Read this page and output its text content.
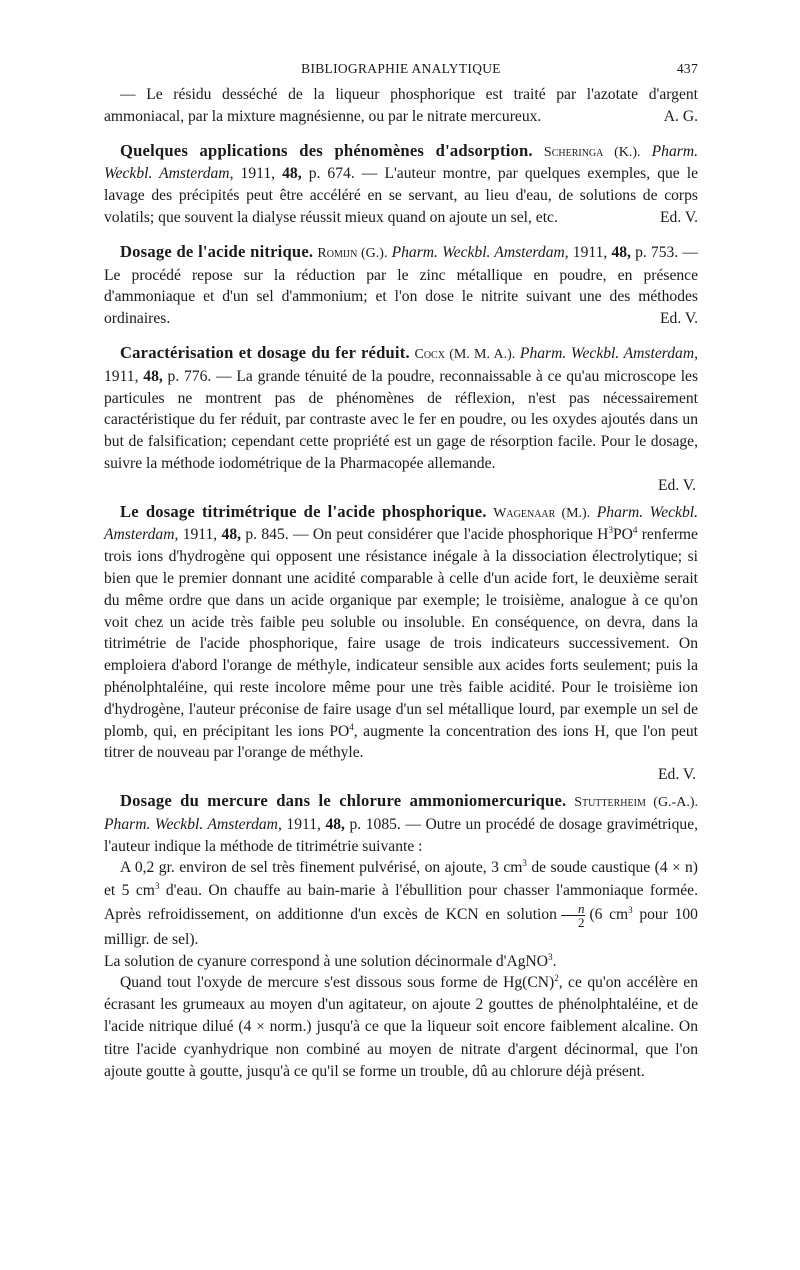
BIBLIOGRAPHIE ANALYTIQUE	437

— Le résidu desséché de la liqueur phosphorique est traité par l'azotate d'argent ammoniacal, par la mixture magnésienne, ou par le nitrate mercureux.	A. G.

Quelques applications des phénomènes d'adsorption. Scheringa (K.). Pharm. Weckbl. Amsterdam, 1911, 48, p. 674. — L'auteur montre, par quelques exemples, que le lavage des précipités peut être accéléré en se servant, au lieu d'eau, de solutions de corps volatils; que souvent la dialyse réussit mieux quand on ajoute un sel, etc.	Ed. V.

Dosage de l'acide nitrique. Romijn (G.). Pharm. Weckbl. Amsterdam, 1911, 48, p. 753. — Le procédé repose sur la réduction par le zinc métallique en poudre, en présence d'ammoniaque et d'un sel d'ammonium; et l'on dose le nitrite suivant une des méthodes ordinaires.	Ed. V.

Caractérisation et dosage du fer réduit. Cocx (M. M. A.). Pharm. Weckbl. Amsterdam, 1911, 48, p. 776. — La grande ténuité de la poudre, reconnaissable à ce qu'au microscope les particules ne montrent pas de phénomènes de réflexion, n'est pas nécessairement caractéristique du fer réduit, par contraste avec le fer en poudre, ou les oxydes ajoutés dans un but de falsification; cependant cette propriété est un gage de résorption facile. Pour le dosage, suivre la méthode iodométrique de la Pharmacopée allemande.

Ed. V.

Le dosage titrimétrique de l'acide phosphorique. Wagenaar (M.). Pharm. Weckbl. Amsterdam, 1911, 48, p. 845. — On peut considérer que l'acide phosphorique $H^3PO^4$ renferme trois ions d'hydrogène qui opposent une résistance inégale à la dissociation électrolytique; si bien que le premier donnant une acidité comparable à celle d'un acide fort, le deuxième serait du même ordre que dans un acide organique par exemple; le troisième, analogue à ce qu'on voit chez un acide très faible peu soluble ou insoluble. En conséquence, on devra, dans la titrimétrie de l'acide phosphorique, faire usage de trois indicateurs successivement. On emploiera d'abord l'orange de méthyle, indicateur sensible aux acides forts seulement; puis la phénolphtaléine, qui reste incolore même pour une très faible acidité. Pour le troisième ion d'hydrogène, l'auteur préconise de faire usage d'un sel métallique lourd, par exemple un sel de plomb, qui, en précipitant les ions $PO^4$, augmente la concentration des ions H, que l'on peut titrer de nouveau par l'orange de méthyle.

Ed. V.

Dosage du mercure dans le chlorure ammoniomercurique. Stutterheim (G.-A.). Pharm. Weckbl. Amsterdam, 1911, 48, p. 1085. — Outre un procédé de dosage gravimétrique, l'auteur indique la méthode de titrimétrie suivante :

A 0,2 gr. environ de sel très finement pulvérisé, on ajoute, 3 $cm^3$ de soude caustique (4 × n) et 5 $cm^3$ d'eau. On chauffe au bain-marie à l'ébullition pour chasser l'ammoniaque formée. Après refroidissement, on additionne d'un excès de KCN en solution $\frac{n}{2} (6$ $cm^3$ pour 100 milligr. de sel).

La solution de cyanure correspond à une solution décinormale d'AgNO$^3$.

Quand tout l'oxyde de mercure s'est dissous sous forme de Hg(CN)$^2$, ce qu'on accélère en écrasant les grumeaux au moyen d'un agitateur, on ajoute 2 gouttes de phénolphtaléine, et de l'acide nitrique dilué (4 × norm.) jusqu'à ce que la liqueur soit encore faiblement alcaline. On titre l'acide cyanhydrique non combiné au moyen de nitrate d'argent décinormal, que l'on ajoute goutte à goutte, jusqu'à ce qu'il se forme un trouble, dû au chlorure déjà présent.
